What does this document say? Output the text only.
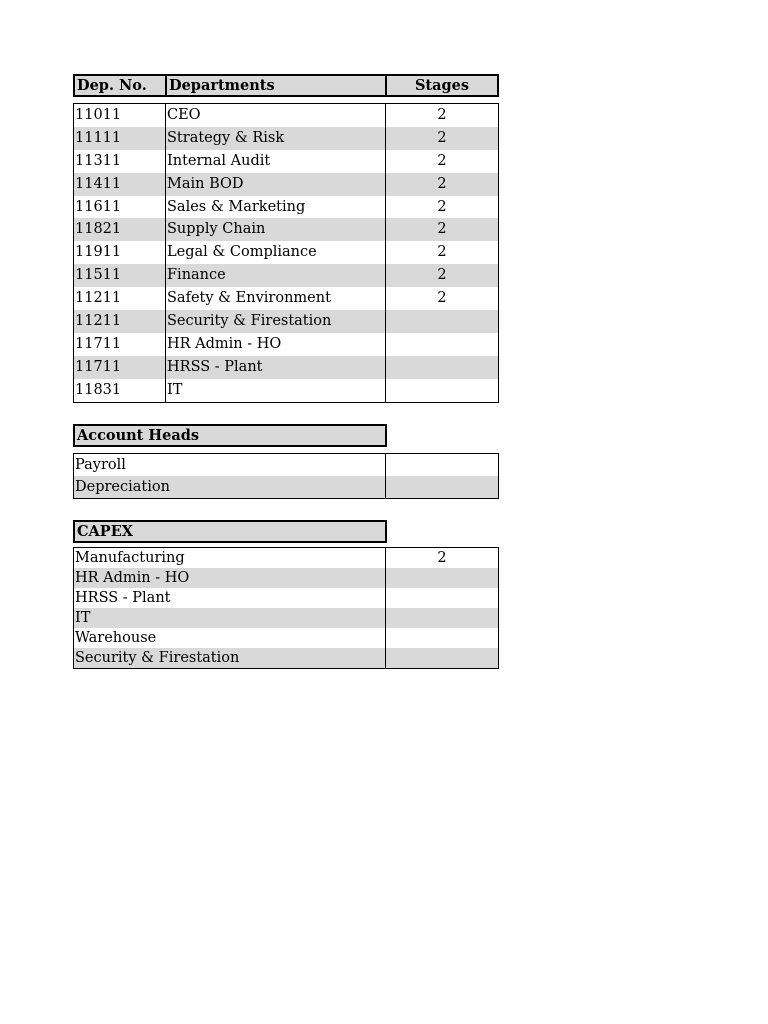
Dep. No.	Departments	Stages
11011	CEO	2
11111	Strategy & Risk	2
11311	Internal Audit	2
11411	Main BOD	2
11611	Sales & Marketing	2
11821	Supply Chain	2
11911	Legal & Compliance	2
11511	Finance	2
11211	Safety & Environment	2
11211	Security & Firestation
11711	HR Admin - HO
11711	HRSS - Plant
11831	IT
Account Heads
Payroll
Depreciation
CAPEX
Manufacturing	2
HR Admin - HO
HRSS - Plant
IT
Warehouse
Security & Firestation
